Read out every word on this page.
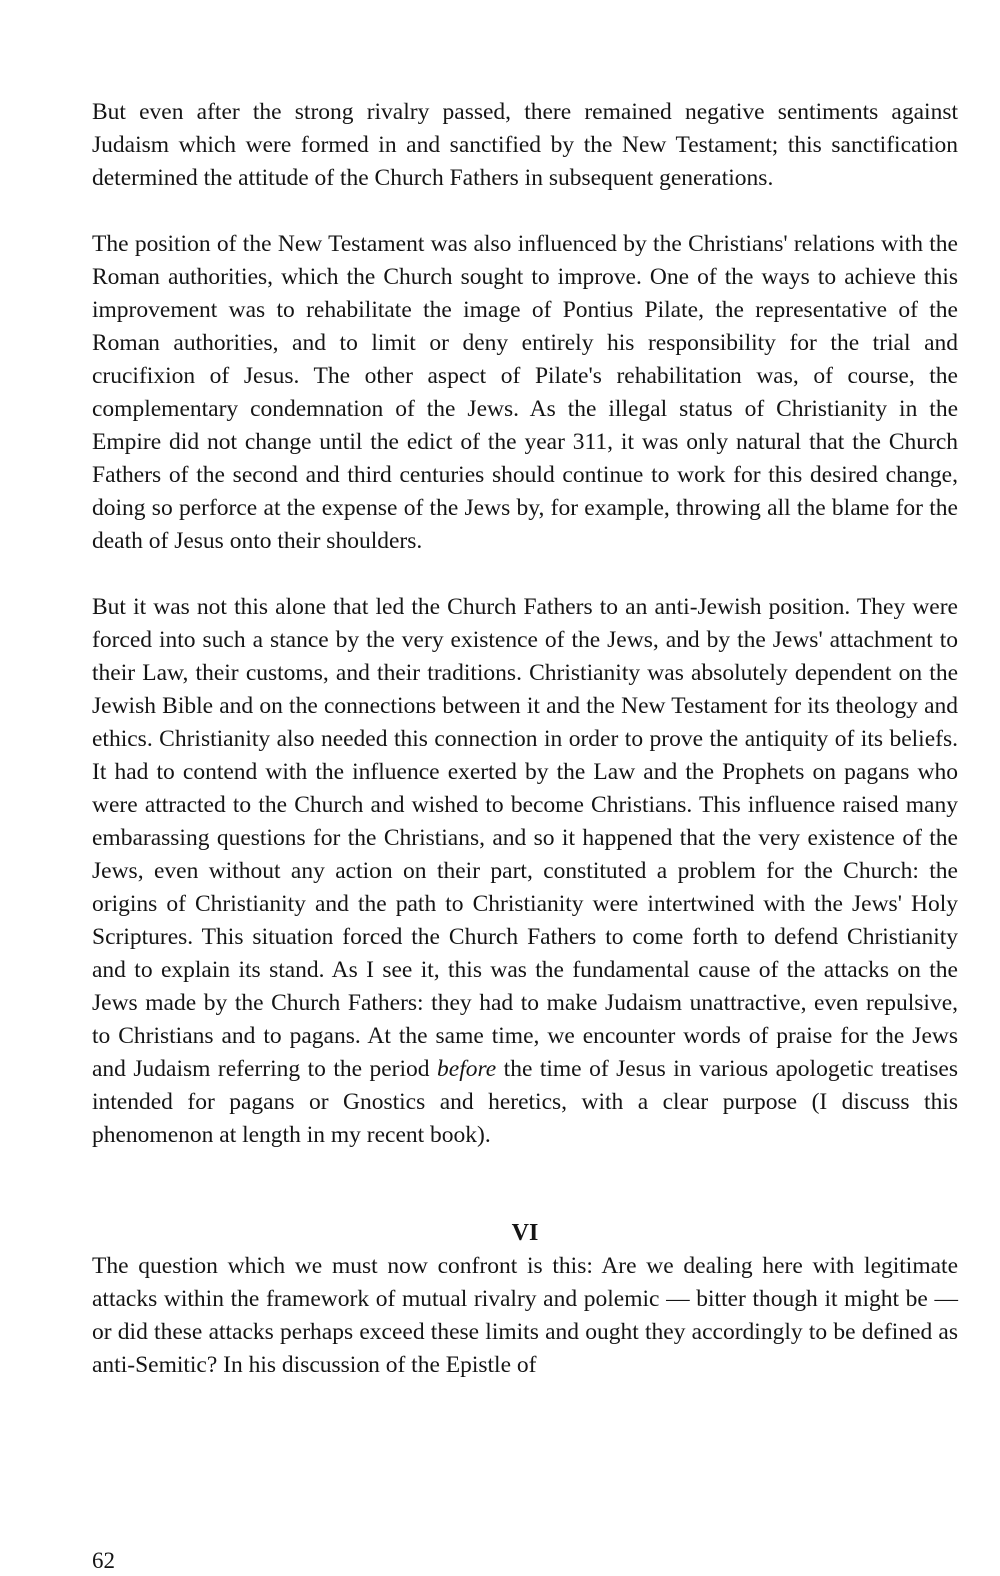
But even after the strong rivalry passed, there remained negative sentiments against Judaism which were formed in and sanctified by the New Testament; this sanctification determined the attitude of the Church Fathers in subsequent generations.

The position of the New Testament was also influenced by the Christians' relations with the Roman authorities, which the Church sought to improve. One of the ways to achieve this improvement was to rehabilitate the image of Pontius Pilate, the representative of the Roman authorities, and to limit or deny entirely his responsibility for the trial and crucifixion of Jesus. The other aspect of Pilate's rehabilitation was, of course, the complementary condemnation of the Jews. As the illegal status of Christianity in the Empire did not change until the edict of the year 311, it was only natural that the Church Fathers of the second and third centuries should continue to work for this desired change, doing so perforce at the expense of the Jews by, for example, throwing all the blame for the death of Jesus onto their shoulders.

But it was not this alone that led the Church Fathers to an anti-Jewish position. They were forced into such a stance by the very existence of the Jews, and by the Jews' attachment to their Law, their customs, and their traditions. Christianity was absolutely dependent on the Jewish Bible and on the connections between it and the New Testament for its theology and ethics. Christianity also needed this connection in order to prove the antiquity of its beliefs. It had to contend with the influence exerted by the Law and the Prophets on pagans who were attracted to the Church and wished to become Christians. This influence raised many embarassing questions for the Christians, and so it happened that the very existence of the Jews, even without any action on their part, constituted a problem for the Church: the origins of Christianity and the path to Christianity were intertwined with the Jews' Holy Scriptures. This situation forced the Church Fathers to come forth to defend Christianity and to explain its stand. As I see it, this was the fundamental cause of the attacks on the Jews made by the Church Fathers: they had to make Judaism unattractive, even repulsive, to Christians and to pagans. At the same time, we encounter words of praise for the Jews and Judaism referring to the period before the time of Jesus in various apologetic treatises intended for pagans or Gnostics and heretics, with a clear purpose (I discuss this phenomenon at length in my recent book).

VI

The question which we must now confront is this: Are we dealing here with legitimate attacks within the framework of mutual rivalry and polemic — bitter though it might be — or did these attacks perhaps exceed these limits and ought they accordingly to be defined as anti-Semitic? In his discussion of the Epistle of

62
